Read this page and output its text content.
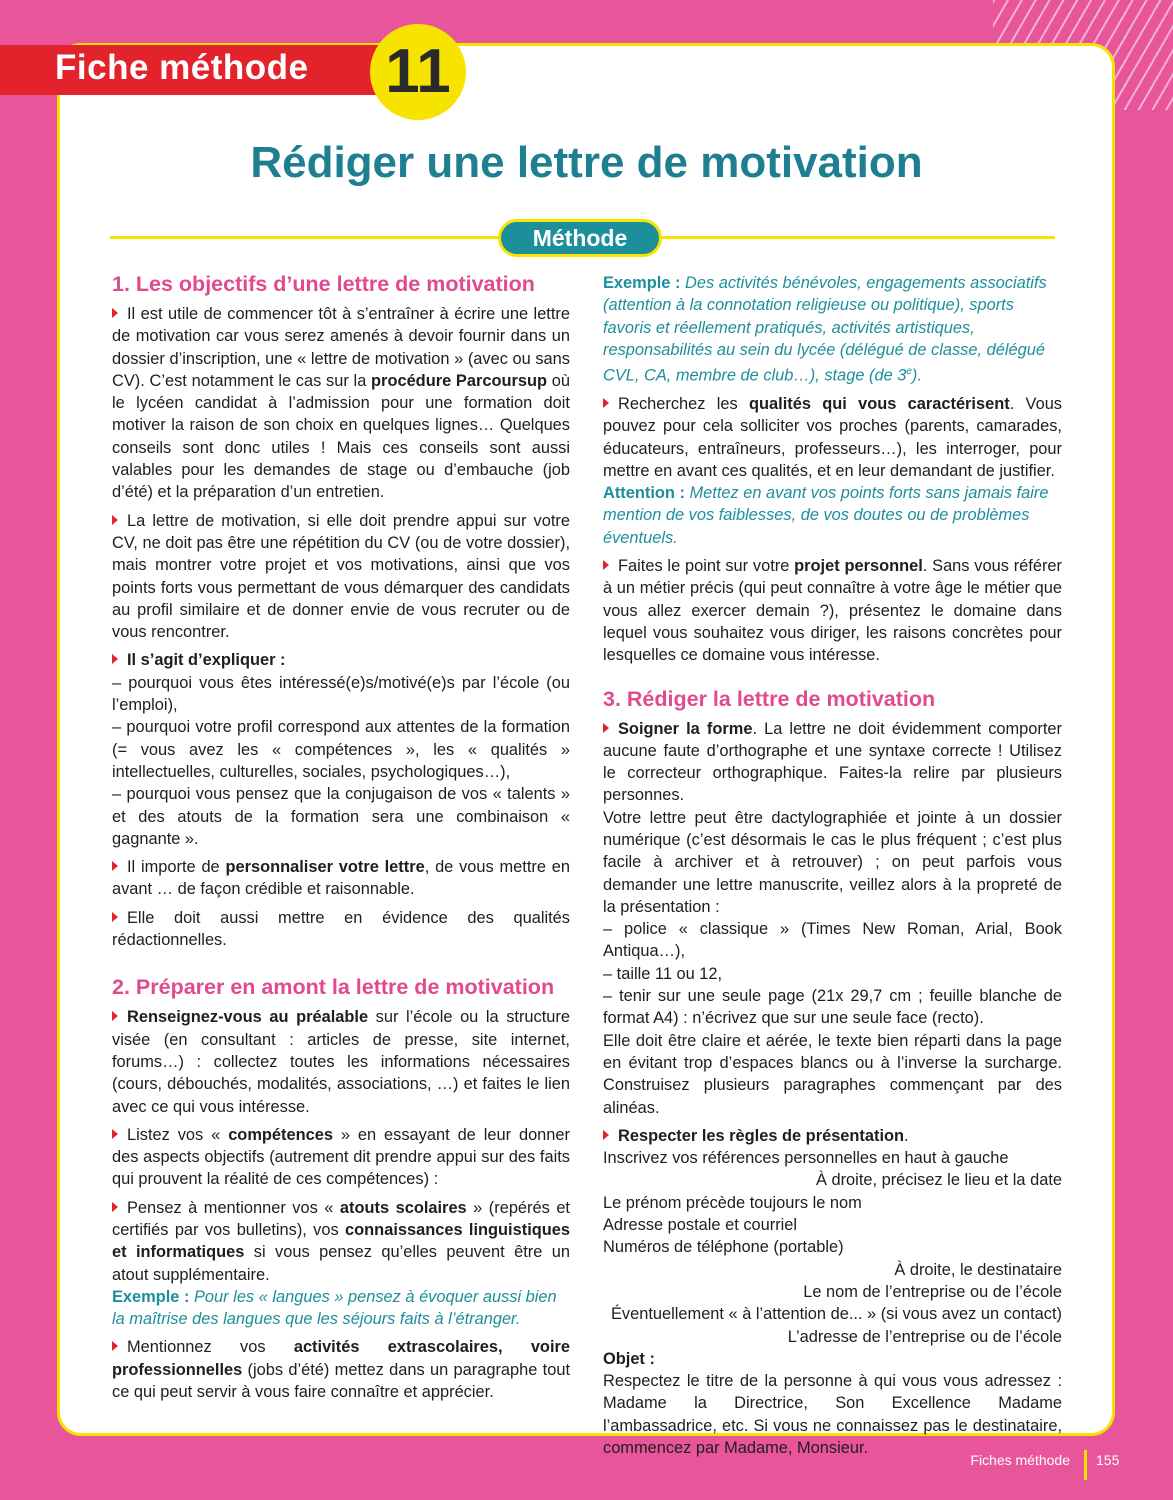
Fiche méthode 11
Rédiger une lettre de motivation
Méthode
1. Les objectifs d’une lettre de motivation

Il est utile de commencer tôt à s’entraîner à écrire une lettre de motivation car vous serez amenés à devoir fournir dans un dossier d’inscription, une « lettre de motivation » (avec ou sans CV). C’est notamment le cas sur la procédure Parcoursup où le lycéen candidat à l’admission pour une formation doit motiver la raison de son choix en quelques lignes… Quelques conseils sont donc utiles ! Mais ces conseils sont aussi valables pour les demandes de stage ou d’embauche (job d’été) et la préparation d’un entretien.

La lettre de motivation, si elle doit prendre appui sur votre CV, ne doit pas être une répétition du CV (ou de votre dossier), mais montrer votre projet et vos motivations, ainsi que vos points forts vous permettant de vous démarquer des candidats au profil similaire et de donner envie de vous recruter ou de vous rencontrer.

Il s’agit d’expliquer :

– pourquoi vous êtes intéressé(e)s/motivé(e)s par l’école (ou l’emploi),

– pourquoi votre profil correspond aux attentes de la formation (= vous avez les « compétences », les « qualités » intellectuelles, culturelles, sociales, psychologiques…),

– pourquoi vous pensez que la conjugaison de vos « talents » et des atouts de la formation sera une combinaison « gagnante ».

Il importe de personnaliser votre lettre, de vous mettre en avant … de façon crédible et raisonnable.

Elle doit aussi mettre en évidence des qualités rédactionnelles.

2. Préparer en amont la lettre de motivation

Renseignez-vous au préalable sur l’école ou la structure visée (en consultant : articles de presse, site internet, forums…) : collectez toutes les informations nécessaires (cours, débouchés, modalités, associations, …) et faites le lien avec ce qui vous intéresse.

Listez vos « compétences » en essayant de leur donner des aspects objectifs (autrement dit prendre appui sur des faits qui prouvent la réalité de ces compétences) :

Pensez à mentionner vos « atouts scolaires » (repérés et certifiés par vos bulletins), vos connaissances linguistiques et informatiques si vous pensez qu’elles peuvent être un atout supplémentaire.

Exemple : Pour les « langues » pensez à évoquer aussi bien la maîtrise des langues que les séjours faits à l’étranger.

Mentionnez vos activités extrascolaires, voire professionnelles (jobs d’été) mettez dans un paragraphe tout ce qui peut servir à vous faire connaître et apprécier.

Exemple : Des activités bénévoles, engagements associatifs (attention à la connotation religieuse ou politique), sports favoris et réellement pratiqués, activités artistiques, responsabilités au sein du lycée (délégué de classe, délégué CVL, CA, membre de club…), stage (de 3e).

Recherchez les qualités qui vous caractérisent. Vous pouvez pour cela solliciter vos proches (parents, camarades, éducateurs, entraîneurs, professeurs…), les interroger, pour mettre en avant ces qualités, et en leur demandant de justifier.

Attention : Mettez en avant vos points forts sans jamais faire mention de vos faiblesses, de vos doutes ou de problèmes éventuels.

Faites le point sur votre projet personnel. Sans vous référer à un métier précis (qui peut connaître à votre âge le métier que vous allez exercer demain ?), présentez le domaine dans lequel vous souhaitez vous diriger, les raisons concrètes pour lesquelles ce domaine vous intéresse.

3. Rédiger la lettre de motivation

Soigner la forme. La lettre ne doit évidemment comporter aucune faute d’orthographe et une syntaxe correcte ! Utilisez le correcteur orthographique. Faites-la relire par plusieurs personnes.

Votre lettre peut être dactylographiée et jointe à un dossier numérique (c’est désormais le cas le plus fréquent ; c’est plus facile à archiver et à retrouver) ; on peut parfois vous demander une lettre manuscrite, veillez alors à la propreté de la présentation :

– police « classique » (Times New Roman, Arial, Book Antiqua…),

– taille 11 ou 12,

– tenir sur une seule page (21x 29,7 cm ; feuille blanche de format A4) : n’écrivez que sur une seule face (recto).

Elle doit être claire et aérée, le texte bien réparti dans la page en évitant trop d’espaces blancs ou à l’inverse la surcharge. Construisez plusieurs paragraphes commençant par des alinéas.

Respecter les règles de présentation.

Inscrivez vos références personnelles en haut à gauche

À droite, précisez le lieu et la date

Le prénom précède toujours le nom

Adresse postale et courriel

Numéros de téléphone (portable)

À droite, le destinataire

Le nom de l’entreprise ou de l’école

Éventuellement « à l’attention de... » (si vous avez un contact)

L’adresse de l’entreprise ou de l’école

Objet :

Respectez le titre de la personne à qui vous vous adressez : Madame la Directrice, Son Excellence Madame l’ambassadrice, etc. Si vous ne connaissez pas le destinataire, commencez par Madame, Monsieur.

Fiches méthode 155
